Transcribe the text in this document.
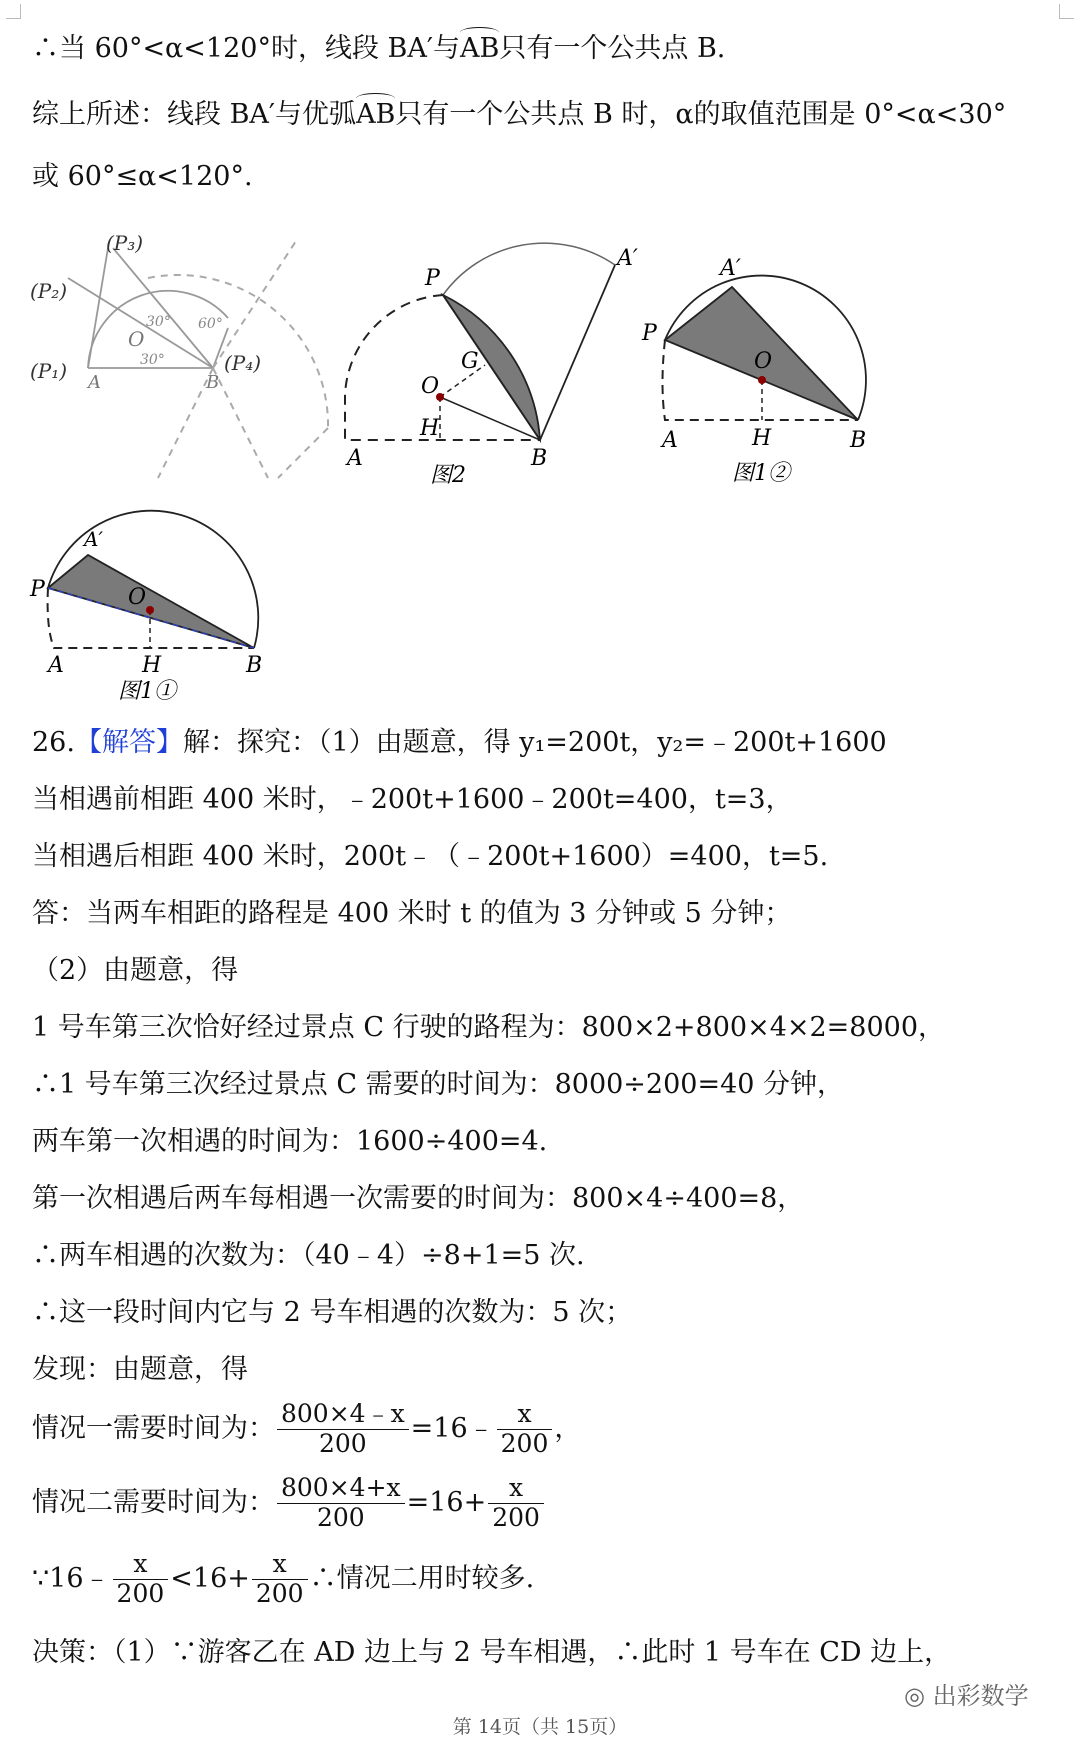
∴当 60°<α<120°时，线段 BA′与AB只有一个公共点 B.
综上所述：线段 BA′与优弧AB只有一个公共点 B 时，α的取值范围是 0°<α<30°
或 60°≤α<120°.
(P₃)
(P₂)
(P₁)	(P₄)
O
A	B
30° 60°
30°
P
A′
O
G
H
A	B
图2
A′
P
O
A	H	B
图1②
A′
P	O
A	H	B
图1①
26.【解答】解：探究：（1）由题意，得 y₁=200t，y₂=﹣200t+1600
当相遇前相距 400 米时，﹣200t+1600﹣200t=400，t=3，
当相遇后相距 400 米时，200t﹣（﹣200t+1600）=400，t=5.
答：当两车相距的路程是 400 米时 t 的值为 3 分钟或 5 分钟；
（2）由题意，得
1 号车第三次恰好经过景点 C 行驶的路程为：800×2+800×4×2=8000，
∴1 号车第三次经过景点 C 需要的时间为：8000÷200=40 分钟，
两车第一次相遇的时间为：1600÷400=4.
第一次相遇后两车每相遇一次需要的时间为：800×4÷400=8，
∴两车相遇的次数为：（40﹣4）÷8+1=5 次.
∴这一段时间内它与 2 号车相遇的次数为：5 次；
发现：由题意，得
情况一需要时间为： $\frac{800\times 4﹣x}{200}$ =16﹣ $\frac{x}{200}$ ，
情况二需要时间为： $\frac{800\times 4+x}{200} =16+ \frac{x}{200}$
∵16﹣ $\frac{x}{200} <16+ \frac{x}{200}$ ∴情况二用时较多.
决策：（1）∵游客乙在 AD 边上与 2 号车相遇，∴此时 1 号车在 CD 边上，
◎ 出彩数学
第 14页（共 15页）
